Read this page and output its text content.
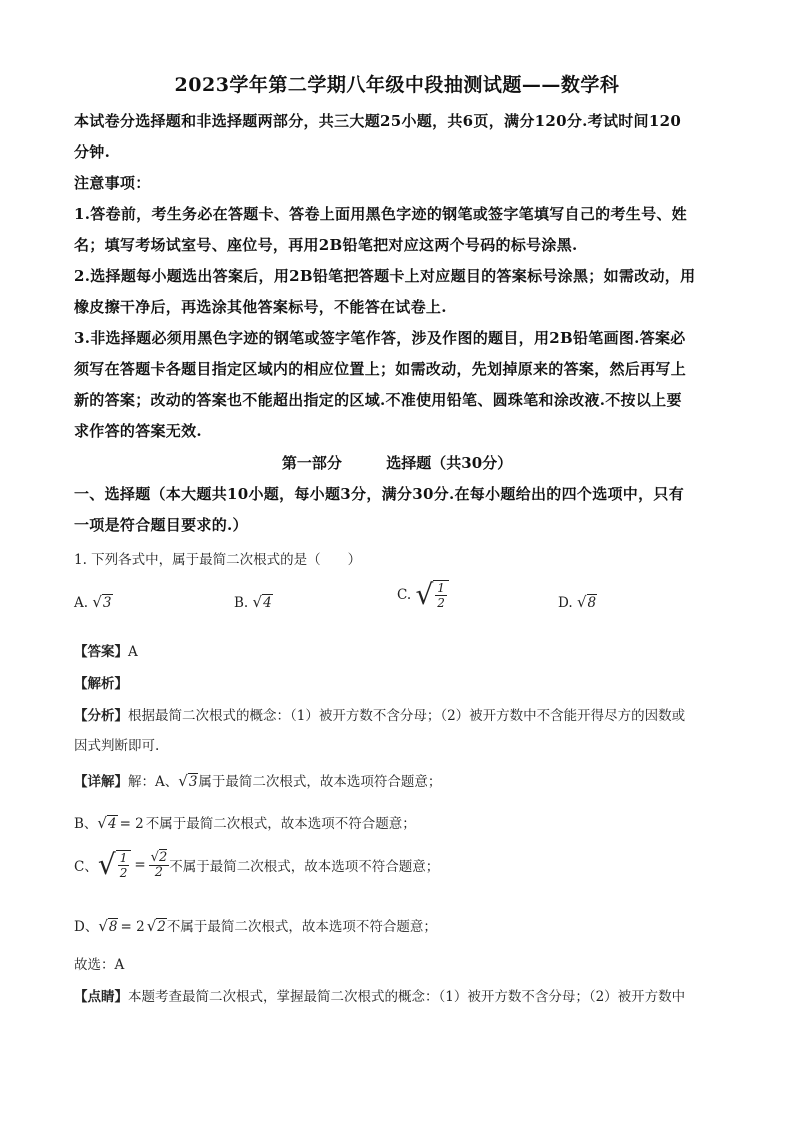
2023学年第二学期八年级中段抽测试题——数学科
本试卷分选择题和非选择题两部分，共三大题25小题，共6页，满分120分.考试时间120
分钟.
注意事项：
1.答卷前，考生务必在答题卡、答卷上面用黑色字迹的钢笔或签字笔填写自己的考生号、姓
名；填写考场试室号、座位号，再用2B铅笔把对应这两个号码的标号涂黑.
2.选择题每小题选出答案后，用2B铅笔把答题卡上对应题目的答案标号涂黑；如需改动，用
橡皮擦干净后，再选涂其他答案标号，不能答在试卷上.
3.非选择题必须用黑色字迹的钢笔或签字笔作答，涉及作图的题目，用2B铅笔画图.答案必
须写在答题卡各题目指定区域内的相应位置上；如需改动，先划掉原来的答案，然后再写上
新的答案；改动的答案也不能超出指定的区域.不准使用铅笔、圆珠笔和涂改液.不按以上要
求作答的答案无效.
第一部分	选择题（共30分）
一、选择题（本大题共10小题，每小题3分，满分30分.在每小题给出的四个选项中，只有
一项是符合题目要求的.）
1. 下列各式中，属于最简二次根式的是（　　）
A. √3	B. √4	C. √ $\frac{1}{2}$	D. √8
【答案】A
【解析】
【分析】根据最简二次根式的概念：（1）被开方数不含分母；（2）被开方数中不含能开得尽方的因数或
因式判断即可.
【详解】解：A、√3属于最简二次根式，故本选项符合题意；
B、√4 = 2 不属于最简二次根式，故本选项不符合题意；
C、 √ $\frac{1}{2} = \frac{√2}{2}$ 不属于最简二次根式，故本选项不符合题意；
D、√8 = 2 √2不属于最简二次根式，故本选项不符合题意；
故选：A
【点睛】本题考查最简二次根式，掌握最简二次根式的概念：（1）被开方数不含分母；（2）被开方数中
